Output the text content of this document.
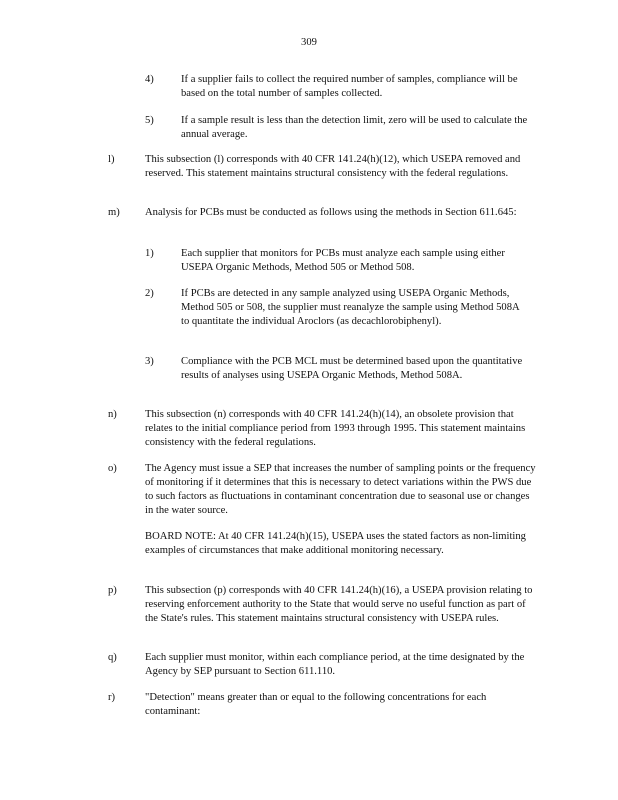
309
4)	If a supplier fails to collect the required number of samples, compliance will be based on the total number of samples collected.
5)	If a sample result is less than the detection limit, zero will be used to calculate the annual average.
l)	This subsection (l) corresponds with 40 CFR 141.24(h)(12), which USEPA removed and reserved. This statement maintains structural consistency with the federal regulations.
m) Analysis for PCBs must be conducted as follows using the methods in Section 611.645:
1)	Each supplier that monitors for PCBs must analyze each sample using either USEPA Organic Methods, Method 505 or Method 508.
2)	If PCBs are detected in any sample analyzed using USEPA Organic Methods, Method 505 or 508, the supplier must reanalyze the sample using Method 508A to quantitate the individual Aroclors (as decachlorobiphenyl).
3)	Compliance with the PCB MCL must be determined based upon the quantitative results of analyses using USEPA Organic Methods, Method 508A.
n)	This subsection (n) corresponds with 40 CFR 141.24(h)(14), an obsolete provision that relates to the initial compliance period from 1993 through 1995. This statement maintains consistency with the federal regulations.
o)	The Agency must issue a SEP that increases the number of sampling points or the frequency of monitoring if it determines that this is necessary to detect variations within the PWS due to such factors as fluctuations in contaminant concentration due to seasonal use or changes in the water source.
BOARD NOTE: At 40 CFR 141.24(h)(15), USEPA uses the stated factors as non-limiting examples of circumstances that make additional monitoring necessary.
p)	This subsection (p) corresponds with 40 CFR 141.24(h)(16), a USEPA provision relating to reserving enforcement authority to the State that would serve no useful function as part of the State's rules. This statement maintains structural consistency with USEPA rules.
q)	Each supplier must monitor, within each compliance period, at the time designated by the Agency by SEP pursuant to Section 611.110.
r)	"Detection" means greater than or equal to the following concentrations for each contaminant:
